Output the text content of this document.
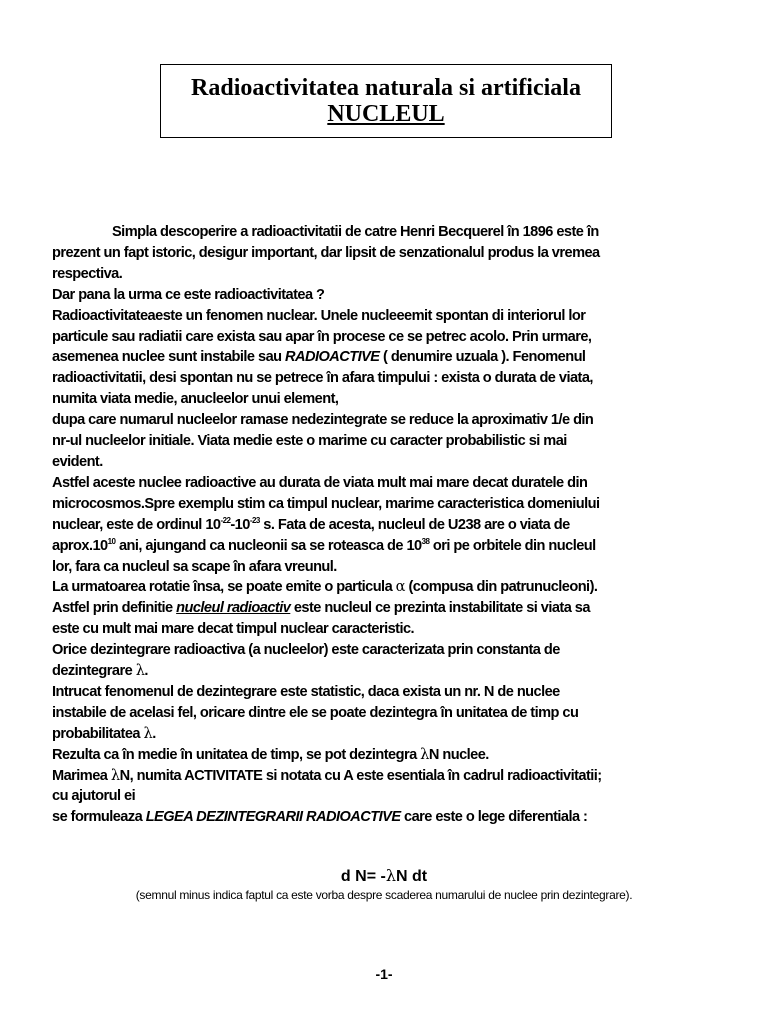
Radioactivitatea naturala si artificiala
NUCLEUL

Simpla descoperire a radioactivitatii de catre Henri Becquerel în 1896 este în

prezent un fapt istoric, desigur important, dar lipsit de senzationalul produs la vremea

respectiva.

Dar pana la urma ce este radioactivitatea ?

Radioactivitateaeste un fenomen nuclear. Unele nucleeemit spontan di interiorul lor

particule sau radiatii care exista sau apar în procese ce se petrec acolo. Prin urmare,

asemenea nuclee sunt instabile sau RADIOACTIVE ( denumire uzuala ). Fenomenul

radioactivitatii, desi spontan nu se petrece în afara timpului : exista o durata de viata,

numita viata medie, anucleelor unui element,

dupa care numarul nucleelor ramase nedezintegrate se reduce la aproximativ 1/e din

nr-ul nucleelor initiale. Viata medie este o marime cu caracter probabilistic si mai

evident.

Astfel aceste nuclee radioactive au durata de viata mult mai mare decat duratele din

microcosmos.Spre exemplu stim ca timpul nuclear, marime caracteristica domeniului

nuclear, este de ordinul $10^{-22}-10^{-23}$ s. Fata de acesta, nucleul de U238 are o viata de

$aprox.10^{10}$ ani, ajungand ca nucleonii sa se roteasca de $10^{38}$ ori pe orbitele din nucleul

lor, fara ca nucleul sa scape în afara vreunul.

La urmatoarea rotatie însa, se poate emite o particula α (compusa din patrunucleoni).

Astfel prin definitie nucleul radioactiv este nucleul ce prezinta instabilitate si viata sa

este cu mult mai mare decat timpul nuclear caracteristic.

Orice dezintegrare radioactiva (a nucleelor) este caracterizata prin constanta de

dezintegrare λ.

Intrucat fenomenul de dezintegrare este statistic, daca exista un nr. N de nuclee

instabile de acelasi fel, oricare dintre ele se poate dezintegra în unitatea de timp cu

probabilitatea λ.

Rezulta ca în medie în unitatea de timp, se pot dezintegra λN nuclee.

Marimea λN, numita ACTIVITATE si notata cu A este esentiala în cadrul radioactivitatii;

cu ajutorul ei

se formuleaza LEGEA DEZINTEGRARII RADIOACTIVE care este o lege diferentiala :

d N= -λN dt
(semnul minus indica faptul ca este vorba despre scaderea numarului de nuclee prin dezintegrare).
-1-
